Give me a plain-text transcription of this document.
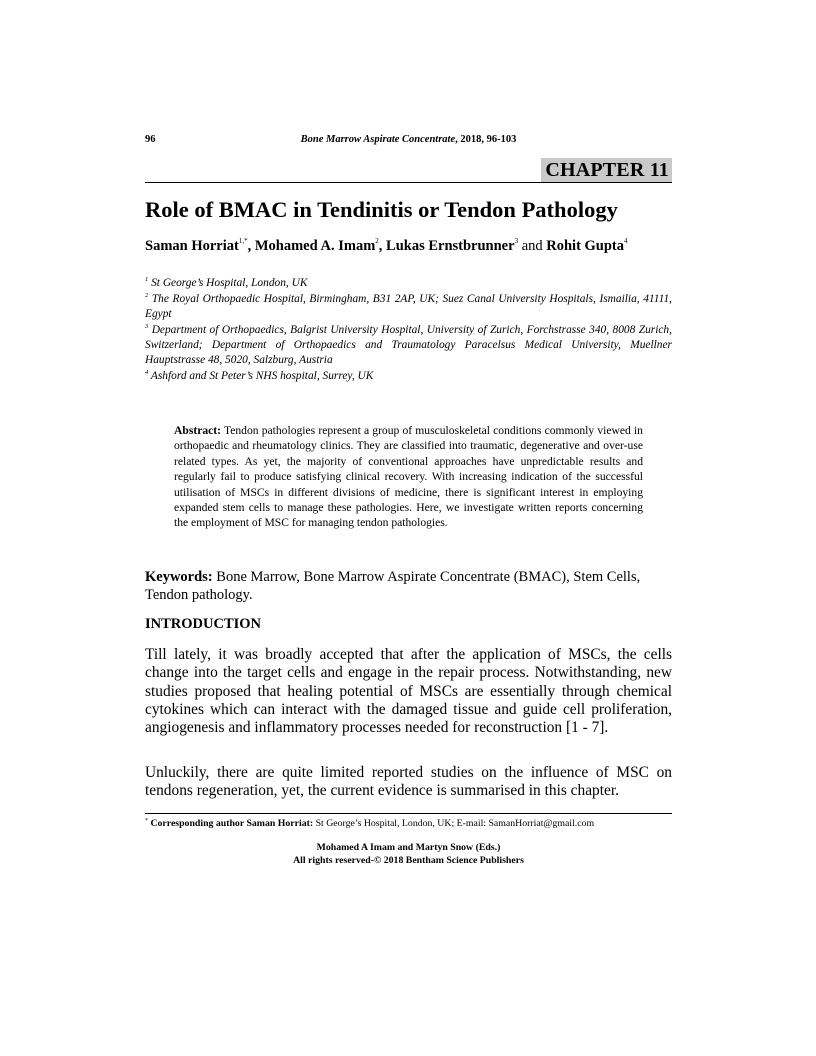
96	Bone Marrow Aspirate Concentrate, 2018, 96-103
CHAPTER 11
Role of BMAC in Tendinitis or Tendon Pathology
Saman Horriat$^{1,*}$, Mohamed A. Imam$^2$, Lukas Ernstbrunner$^3$ and Rohit Gupta$^4$

$^1$ St George’s Hospital, London, UK

$^2$ The Royal Orthopaedic Hospital, Birmingham, B31 2AP, UK; Suez Canal University Hospitals, Ismailia, 41111, Egypt

$^3$ Department of Orthopaedics, Balgrist University Hospital, University of Zurich, Forchstrasse 340, 8008 Zurich, Switzerland; Department of Orthopaedics and Traumatology Paracelsus Medical University, Muellner Hauptstrasse 48, 5020, Salzburg, Austria

$^4$ Ashford and St Peter’s NHS hospital, Surrey, UK

Abstract: Tendon pathologies represent a group of musculoskeletal conditions commonly viewed in orthopaedic and rheumatology clinics. They are classified into traumatic, degenerative and over-use related types. As yet, the majority of conventional approaches have unpredictable results and regularly fail to produce satisfying clinical recovery. With increasing indication of the successful utilisation of MSCs in different divisions of medicine, there is significant interest in employing expanded stem cells to manage these pathologies. Here, we investigate written reports concerning the employment of MSC for managing tendon pathologies.
Keywords: Bone Marrow, Bone Marrow Aspirate Concentrate (BMAC), Stem Cells, Tendon pathology.
INTRODUCTION

Till lately, it was broadly accepted that after the application of MSCs, the cells change into the target cells and engage in the repair process. Notwithstanding, new studies proposed that healing potential of MSCs are essentially through chemical cytokines which can interact with the damaged tissue and guide cell proliferation, angiogenesis and inflammatory processes needed for reconstruction [1 - 7].

Unluckily, there are quite limited reported studies on the influence of MSC on tendons regeneration, yet, the current evidence is summarised in this chapter.

* Corresponding author Saman Horriat: St George’s Hospital, London, UK; E-mail: SamanHorriat@gmail.com
Mohamed A Imam and Martyn Snow (Eds.)
All rights reserved-© 2018 Bentham Science Publishers
